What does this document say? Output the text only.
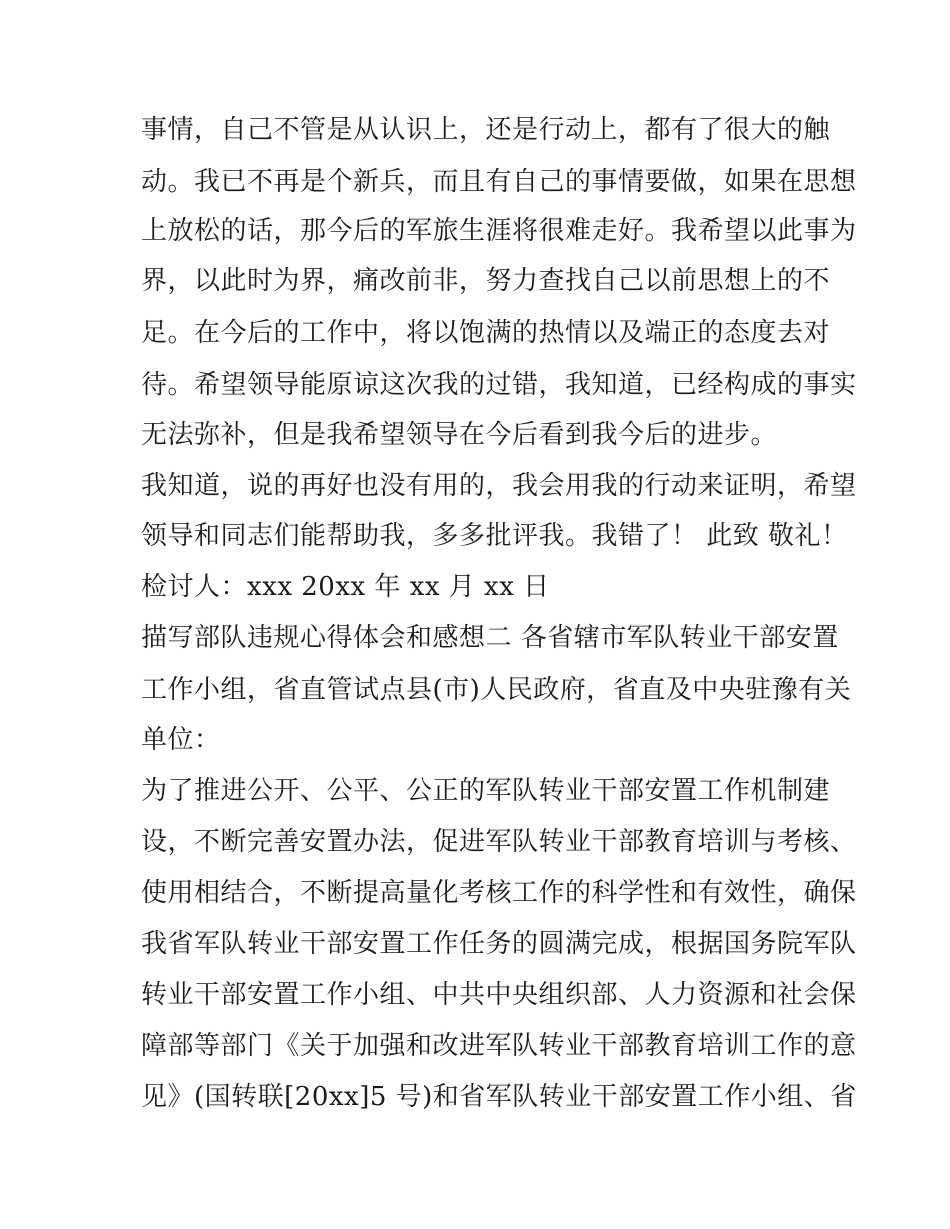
事情，自己不管是从认识上，还是行动上，都有了很大的触
动。我已不再是个新兵，而且有自己的事情要做，如果在思想
上放松的话，那今后的军旅生涯将很难走好。我希望以此事为
界，以此时为界，痛改前非，努力查找自己以前思想上的不
足。在今后的工作中，将以饱满的热情以及端正的态度去对
待。希望领导能原谅这次我的过错，我知道，已经构成的事实
无法弥补，但是我希望领导在今后看到我今后的进步。
我知道，说的再好也没有用的，我会用我的行动来证明，希望
领导和同志们能帮助我，多多批评我。我错了！ 此致 敬礼！
检讨人：xxx 20xx 年 xx 月 xx 日
描写部队违规心得体会和感想二 各省辖市军队转业干部安置
工作小组，省直管试点县(市)人民政府，省直及中央驻豫有关
单位：
为了推进公开、公平、公正的军队转业干部安置工作机制建
设，不断完善安置办法，促进军队转业干部教育培训与考核、
使用相结合，不断提高量化考核工作的科学性和有效性，确保
我省军队转业干部安置工作任务的圆满完成，根据国务院军队
转业干部安置工作小组、中共中央组织部、人力资源和社会保
障部等部门《关于加强和改进军队转业干部教育培训工作的意
见》(国转联[20xx]5 号)和省军队转业干部安置工作小组、省
